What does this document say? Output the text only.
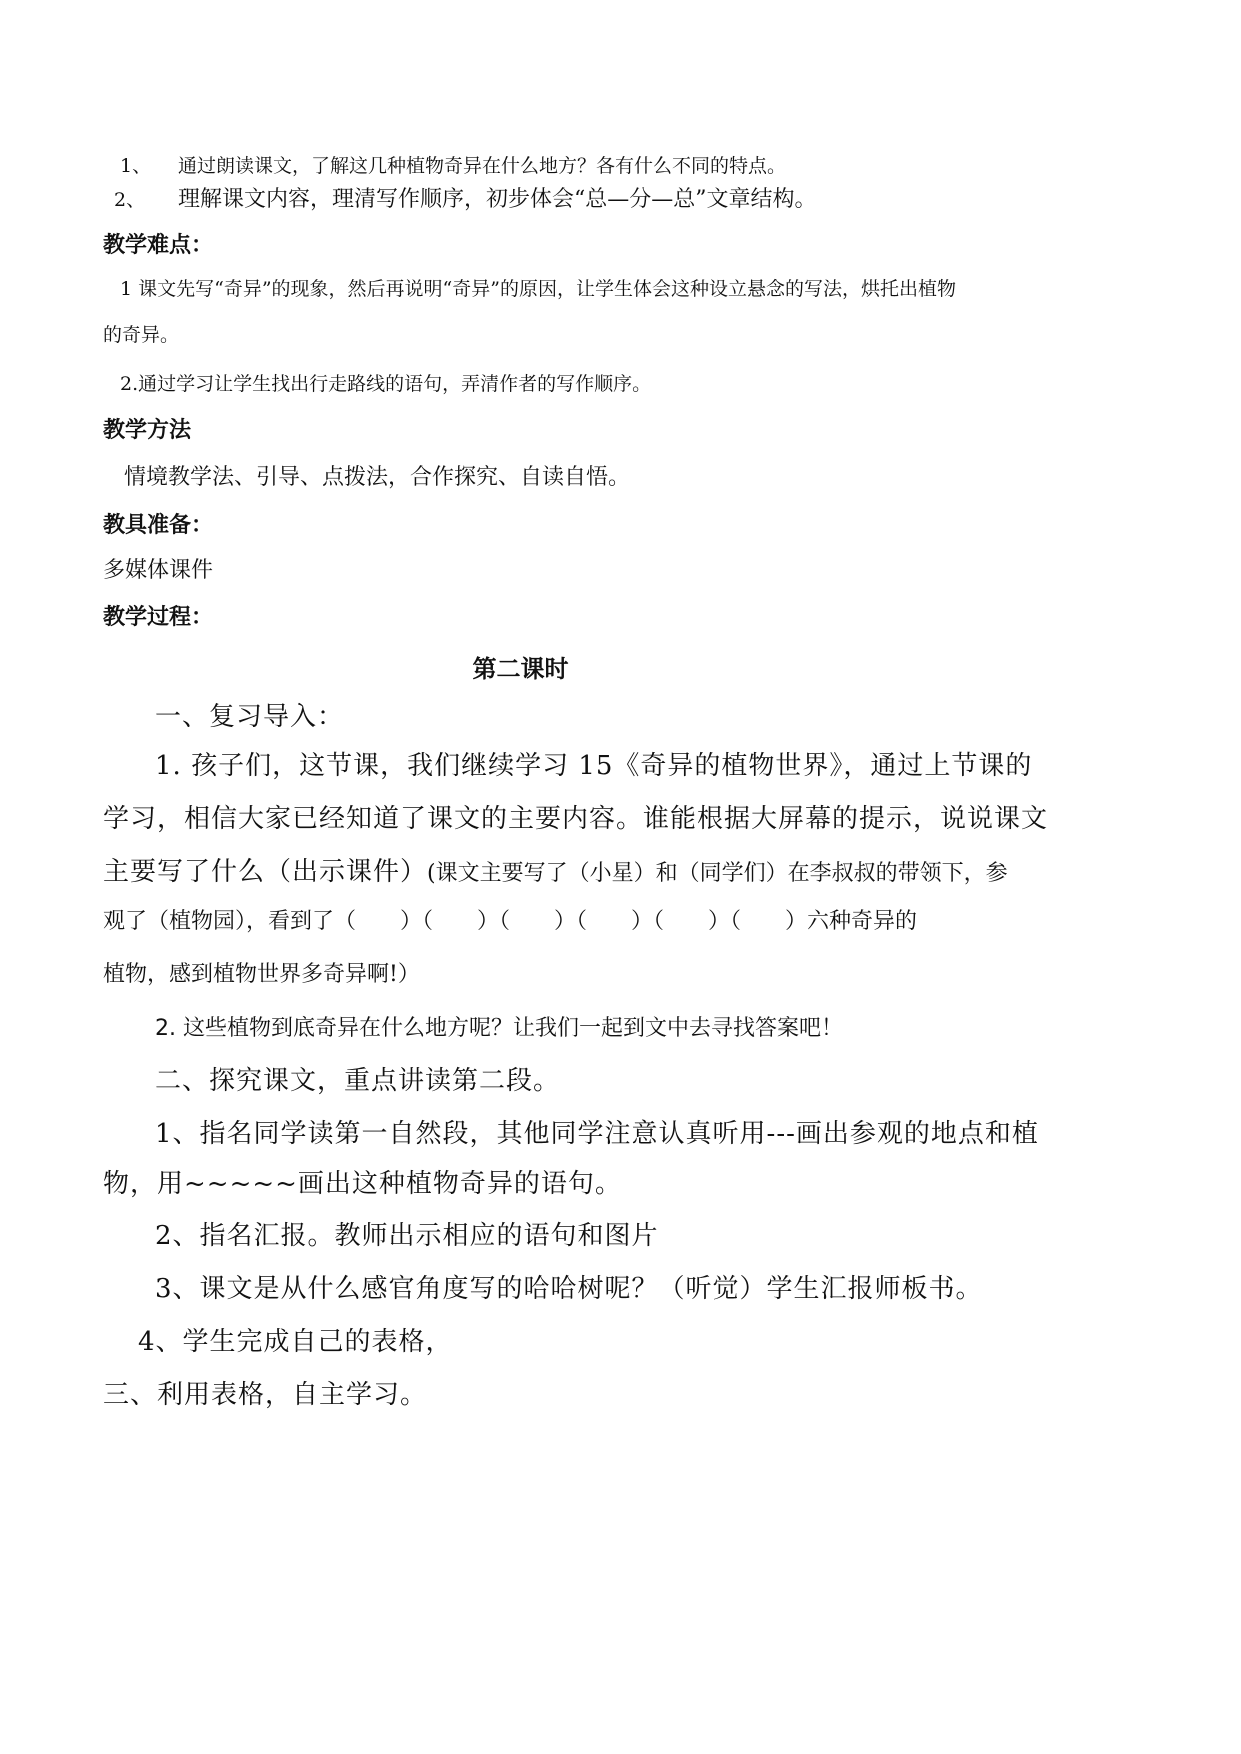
1、 通过朗读课文，了解这几种植物奇异在什么地方？各有什么不同的特点。
2、 理解课文内容，理清写作顺序，初步体会“总—分—总”文章结构。
教学难点：
1 课文先写“奇异”的现象，然后再说明“奇异”的原因，让学生体会这种设立悬念的写法，烘托出植物
的奇异。
2.通过学习让学生找出行走路线的语句，弄清作者的写作顺序。
教学方法
情境教学法、引导、点拨法，合作探究、自读自悟。
教具准备：
多媒体课件
教学过程：
第二课时
一、复习导入：
1. 孩子们，这节课，我们继续学习 15《奇异的植物世界》，通过上节课的
学习，相信大家已经知道了课文的主要内容。谁能根据大屏幕的提示，说说课文
主要写了什么（出示课件）(课文主要写了（小星）和（同学们）在李叔叔的带领下，参
观了（植物园），看到了（　　）（　　）（　　）（　　）（　　）（　　）六种奇异的
植物，感到植物世界多奇异啊!）
2. 这些植物到底奇异在什么地方呢？让我们一起到文中去寻找答案吧！
二、探究课文，重点讲读第二段。
1、指名同学读第一自然段，其他同学注意认真听用---画出参观的地点和植
物，用~~~~~画出这种植物奇异的语句。
2、指名汇报。教师出示相应的语句和图片
3、课文是从什么感官角度写的哈哈树呢？（听觉）学生汇报师板书。
4、学生完成自己的表格，
三、利用表格，自主学习。
